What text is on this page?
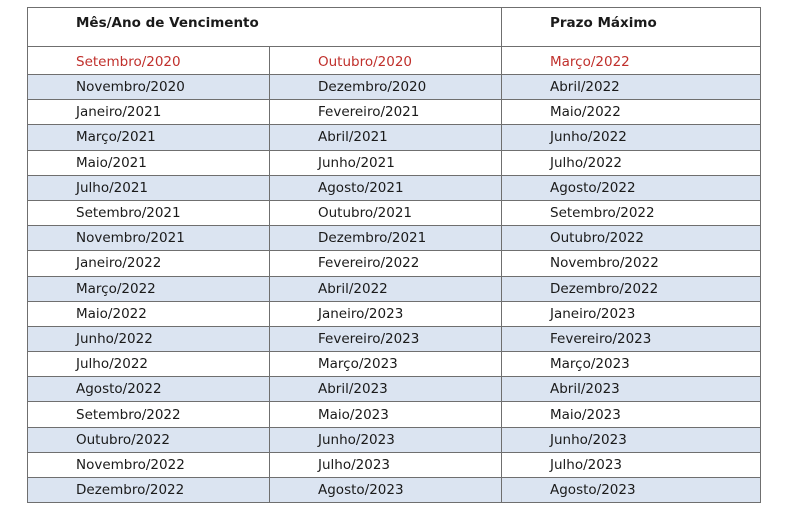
Mês/Ano de Vencimento		Prazo Máximo
Setembro/2020	Outubro/2020	Março/2022
Novembro/2020	Dezembro/2020	Abril/2022
Janeiro/2021	Fevereiro/2021	Maio/2022
Março/2021	Abril/2021	Junho/2022
Maio/2021	Junho/2021	Julho/2022
Julho/2021	Agosto/2021	Agosto/2022
Setembro/2021	Outubro/2021	Setembro/2022
Novembro/2021	Dezembro/2021	Outubro/2022
Janeiro/2022	Fevereiro/2022	Novembro/2022
Março/2022	Abril/2022	Dezembro/2022
Maio/2022	Janeiro/2023	Janeiro/2023
Junho/2022	Fevereiro/2023	Fevereiro/2023
Julho/2022	Março/2023	Março/2023
Agosto/2022	Abril/2023	Abril/2023
Setembro/2022	Maio/2023	Maio/2023
Outubro/2022	Junho/2023	Junho/2023
Novembro/2022	Julho/2023	Julho/2023
Dezembro/2022	Agosto/2023	Agosto/2023
